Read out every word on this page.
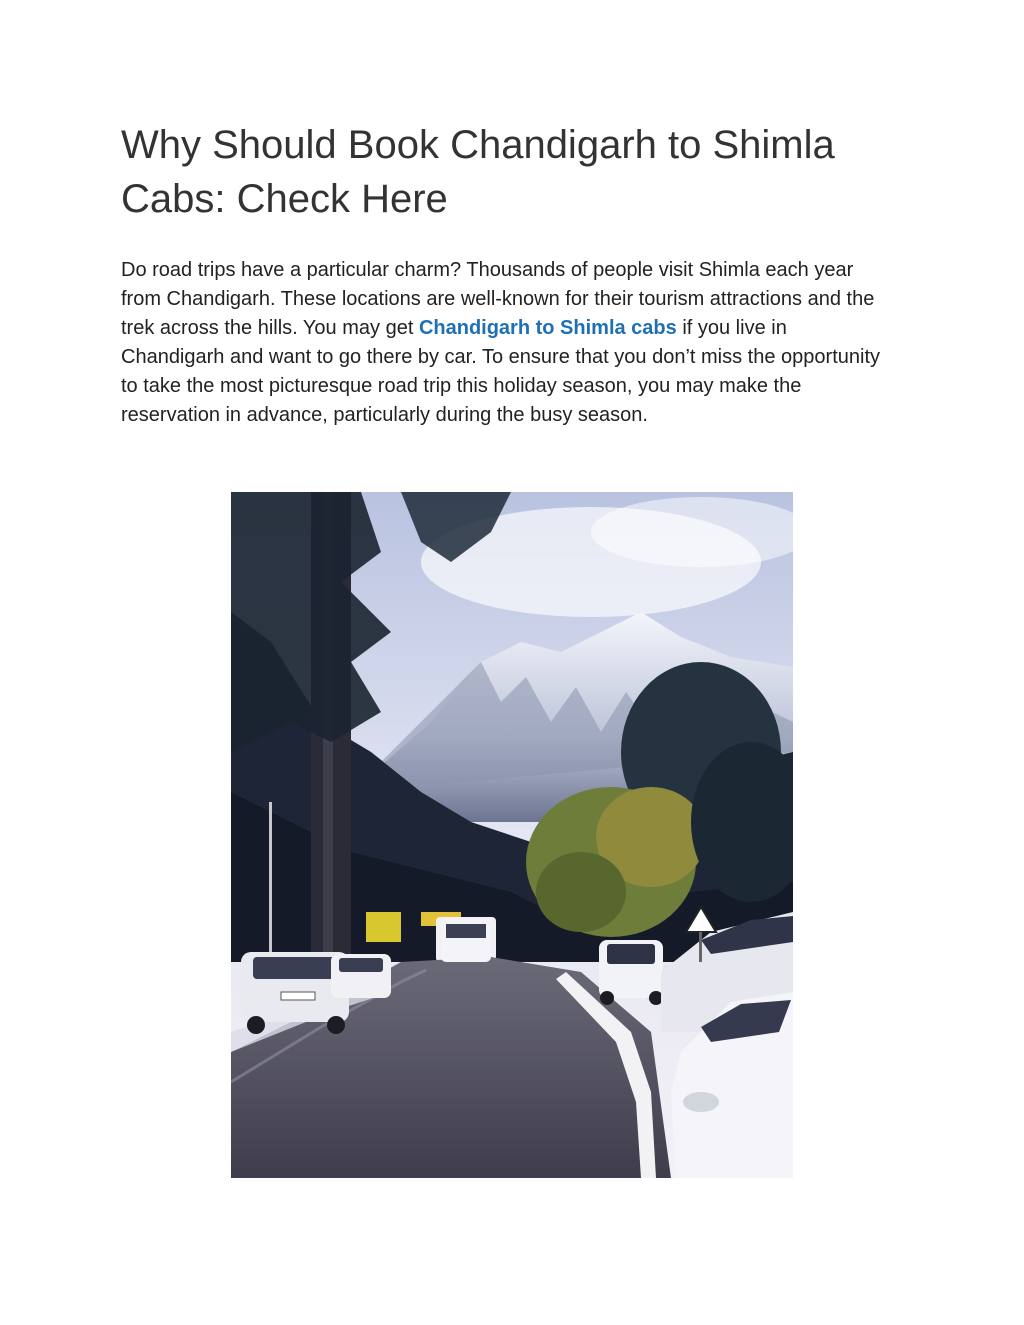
Why Should Book Chandigarh to Shimla Cabs: Check Here

Do road trips have a particular charm? Thousands of people visit Shimla each year from Chandigarh. These locations are well-known for their tourism attractions and the trek across the hills. You may get Chandigarh to Shimla cabs if you live in Chandigarh and want to go there by car. To ensure that you don’t miss the opportunity to take the most picturesque road trip this holiday season, you may make the reservation in advance, particularly during the busy season.
